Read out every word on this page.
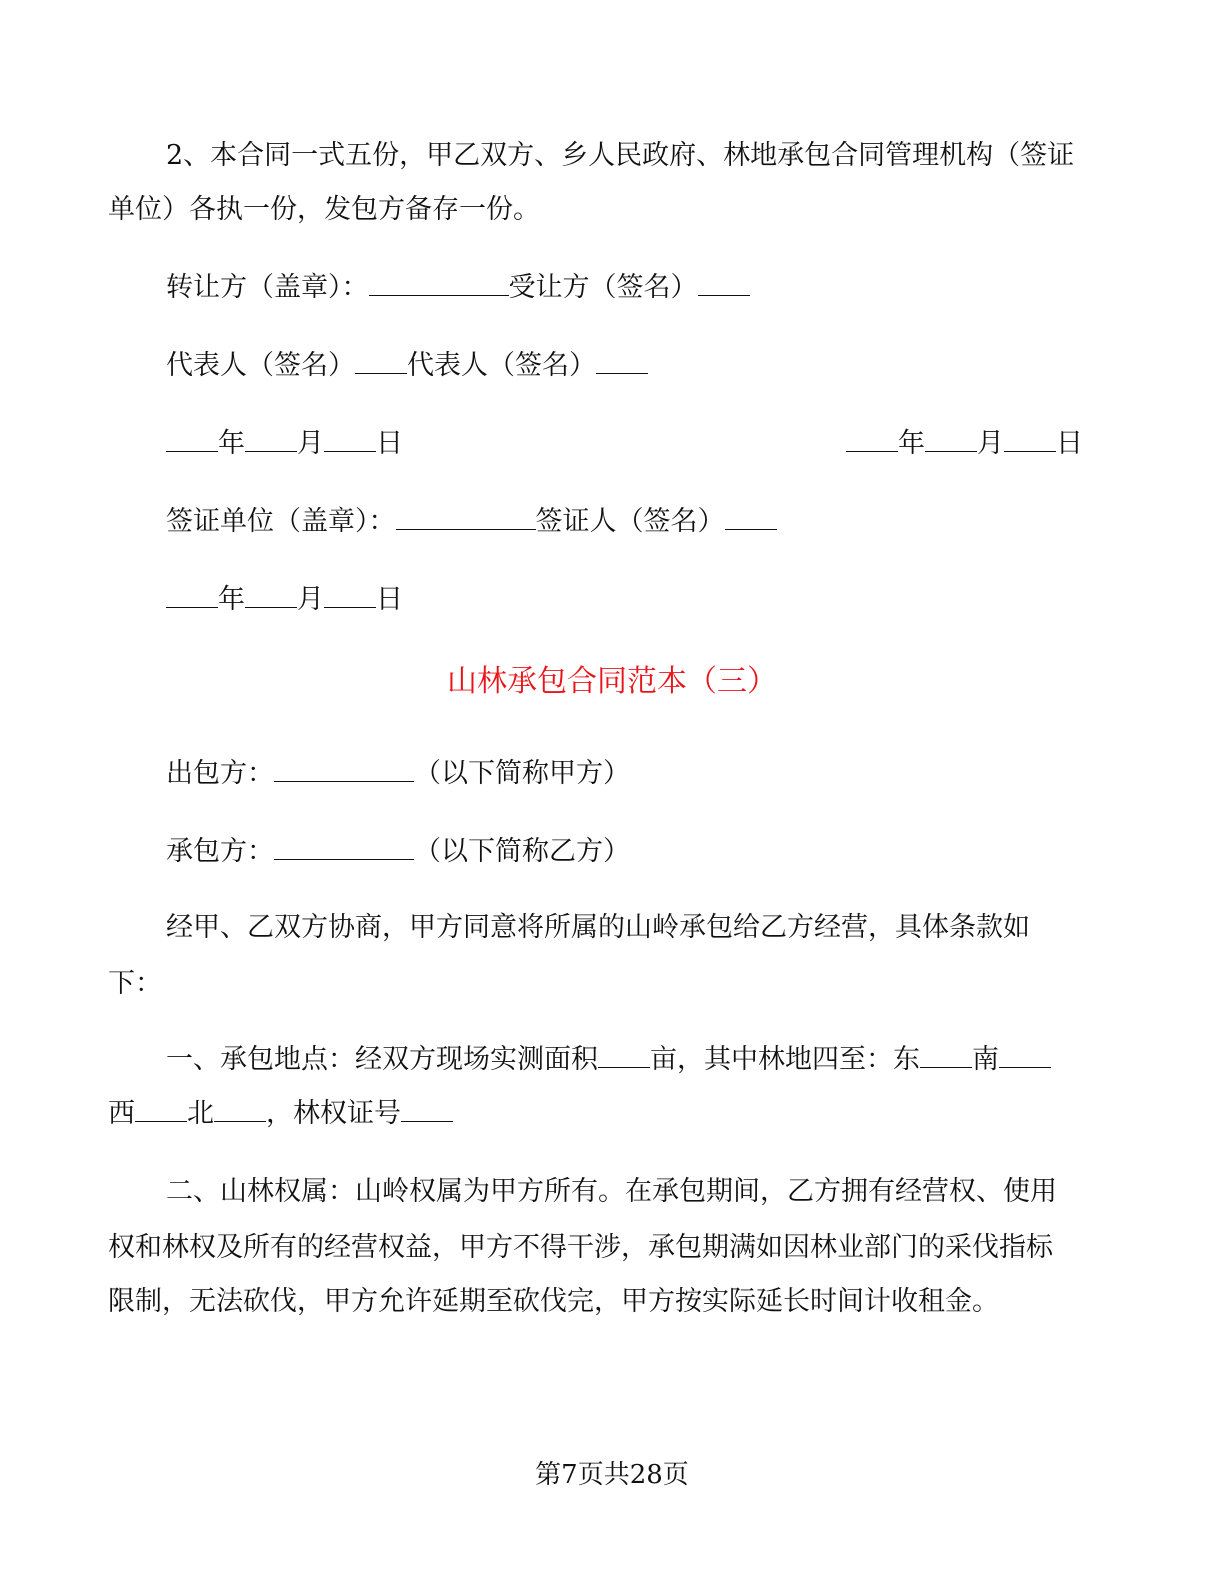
2、本合同一式五份，甲乙双方、乡人民政府、林地承包合同管理机构（签证
单位）各执一份，发包方备存一份。
转让方（盖章）：	受让方（签名）
代表人（签名） 代表人（签名）
年 月 日	年 月 日
签证单位（盖章）：	签证人（签名）
年 月 日
山林承包合同范本（三）
出包方：	（以下简称甲方）
承包方：	（以下简称乙方）
经甲、乙双方协商，甲方同意将所属的山岭承包给乙方经营，具体条款如
下：
一、承包地点：经双方现场实测面积 亩，其中林地四至：东 南
西 北 ，林权证号
二、山林权属：山岭权属为甲方所有。在承包期间，乙方拥有经营权、使用
权和林权及所有的经营权益，甲方不得干涉，承包期满如因林业部门的采伐指标
限制，无法砍伐，甲方允许延期至砍伐完，甲方按实际延长时间计收租金。
第7页共28页
